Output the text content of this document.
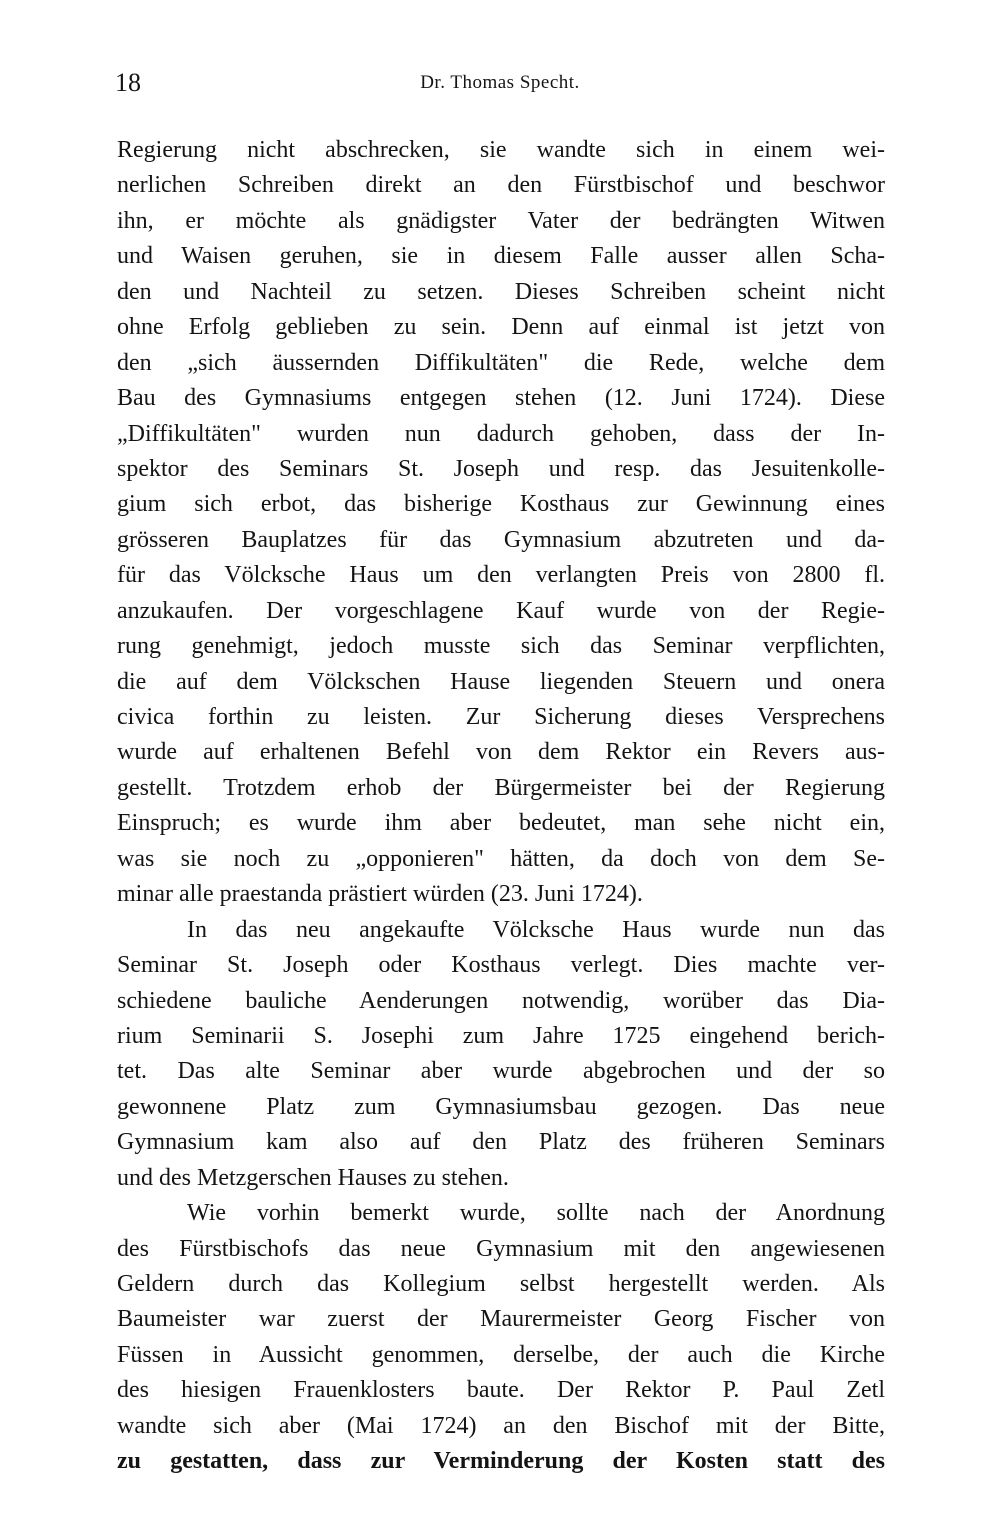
18	Dr. Thomas Specht.
Regierung nicht abschrecken, sie wandte sich in einem wei-
nerlichen Schreiben direkt an den Fürstbischof und beschwor
ihn, er möchte als gnädigster Vater der bedrängten Witwen
und Waisen geruhen, sie in diesem Falle ausser allen Scha-
den und Nachteil zu setzen. Dieses Schreiben scheint nicht
ohne Erfolg geblieben zu sein. Denn auf einmal ist jetzt von
den „sich äussernden Diffikultäten" die Rede, welche dem
Bau des Gymnasiums entgegen stehen (12. Juni 1724). Diese
„Diffikultäten" wurden nun dadurch gehoben, dass der In-
spektor des Seminars St. Joseph und resp. das Jesuitenkolle-
gium sich erbot, das bisherige Kosthaus zur Gewinnung eines
grösseren Bauplatzes für das Gymnasium abzutreten und da-
für das Völcksche Haus um den verlangten Preis von 2800 fl.
anzukaufen. Der vorgeschlagene Kauf wurde von der Regie-
rung genehmigt, jedoch musste sich das Seminar verpflichten,
die auf dem Völckschen Hause liegenden Steuern und onera
civica forthin zu leisten. Zur Sicherung dieses Versprechens
wurde auf erhaltenen Befehl von dem Rektor ein Revers aus-
gestellt. Trotzdem erhob der Bürgermeister bei der Regierung
Einspruch; es wurde ihm aber bedeutet, man sehe nicht ein,
was sie noch zu „opponieren" hätten, da doch von dem Se-
minar alle praestanda prästiert würden (23. Juni 1724).
In das neu angekaufte Völcksche Haus wurde nun das
Seminar St. Joseph oder Kosthaus verlegt. Dies machte ver-
schiedene bauliche Aenderungen notwendig, worüber das Dia-
rium Seminarii S. Josephi zum Jahre 1725 eingehend berich-
tet. Das alte Seminar aber wurde abgebrochen und der so
gewonnene Platz zum Gymnasiumsbau gezogen. Das neue
Gymnasium kam also auf den Platz des früheren Seminars
und des Metzgerschen Hauses zu stehen.
Wie vorhin bemerkt wurde, sollte nach der Anordnung
des Fürstbischofs das neue Gymnasium mit den angewiesenen
Geldern durch das Kollegium selbst hergestellt werden. Als
Baumeister war zuerst der Maurermeister Georg Fischer von
Füssen in Aussicht genommen, derselbe, der auch die Kirche
des hiesigen Frauenklosters baute. Der Rektor P. Paul Zetl
wandte sich aber (Mai 1724) an den Bischof mit der Bitte,
zu gestatten, dass zur Verminderung der Kosten statt des
